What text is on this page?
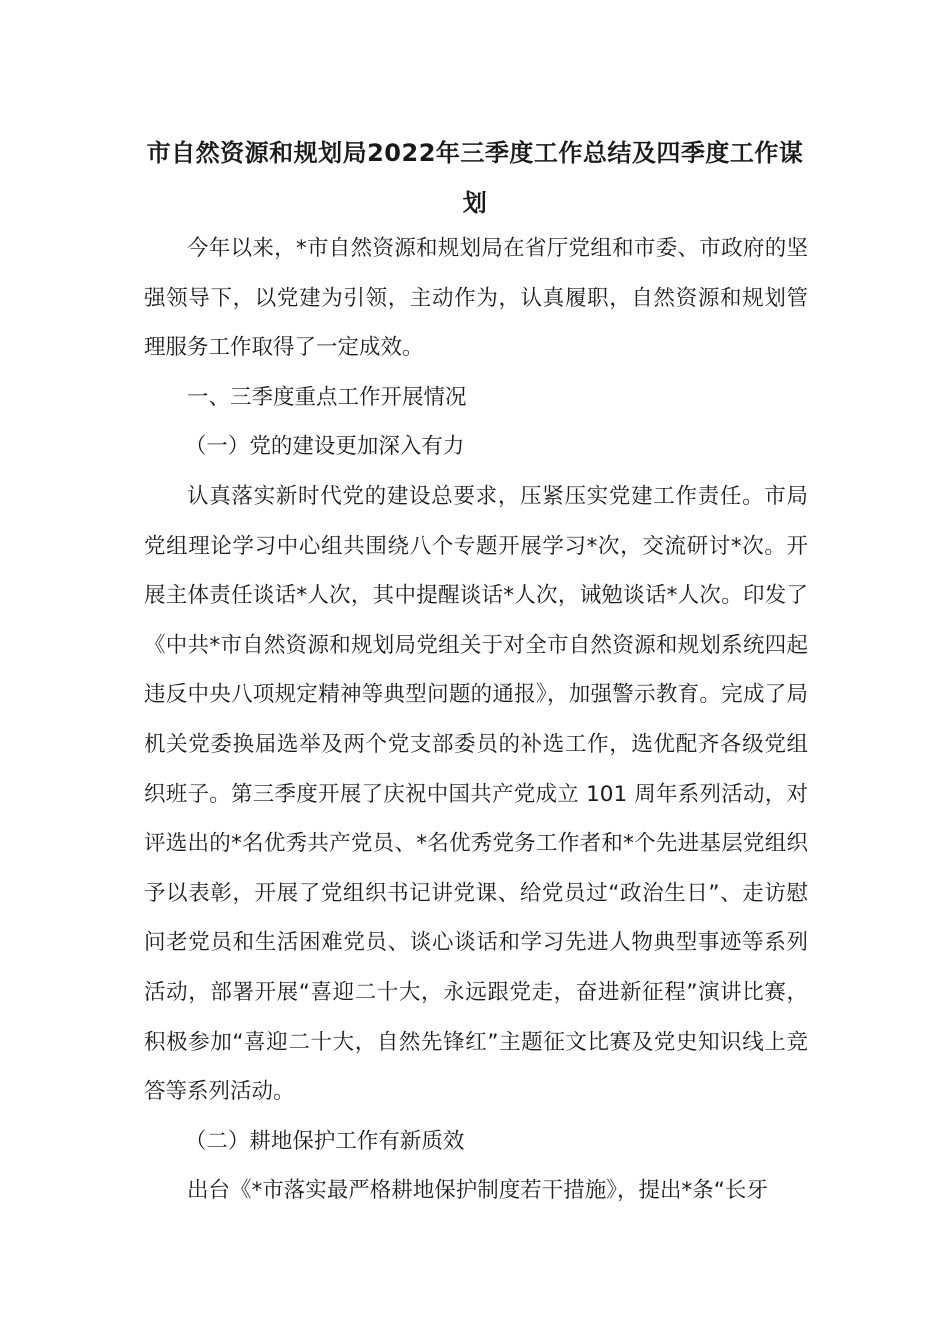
市自然资源和规划局2022年三季度工作总结及四季度工作谋划

今年以来，*市自然资源和规划局在省厅党组和市委、市政府的坚强领导下，以党建为引领，主动作为，认真履职，自然资源和规划管理服务工作取得了一定成效。

一、三季度重点工作开展情况

（一）党的建设更加深入有力

认真落实新时代党的建设总要求，压紧压实党建工作责任。市局党组理论学习中心组共围绕八个专题开展学习*次，交流研讨*次。开展主体责任谈话*人次，其中提醒谈话*人次，诫勉谈话*人次。印发了《中共*市自然资源和规划局党组关于对全市自然资源和规划系统四起违反中央八项规定精神等典型问题的通报》，加强警示教育。完成了局机关党委换届选举及两个党支部委员的补选工作，选优配齐各级党组织班子。第三季度开展了庆祝中国共产党成立 101 周年系列活动，对评选出的*名优秀共产党员、*名优秀党务工作者和*个先进基层党组织予以表彰，开展了党组织书记讲党课、给党员过“政治生日”、走访慰问老党员和生活困难党员、谈心谈话和学习先进人物典型事迹等系列活动，部署开展“喜迎二十大，永远跟党走，奋进新征程”演讲比赛，积极参加“喜迎二十大，自然先锋红”主题征文比赛及党史知识线上竞答等系列活动。

（二）耕地保护工作有新质效

出台《*市落实最严格耕地保护制度若干措施》，提出*条“长牙
